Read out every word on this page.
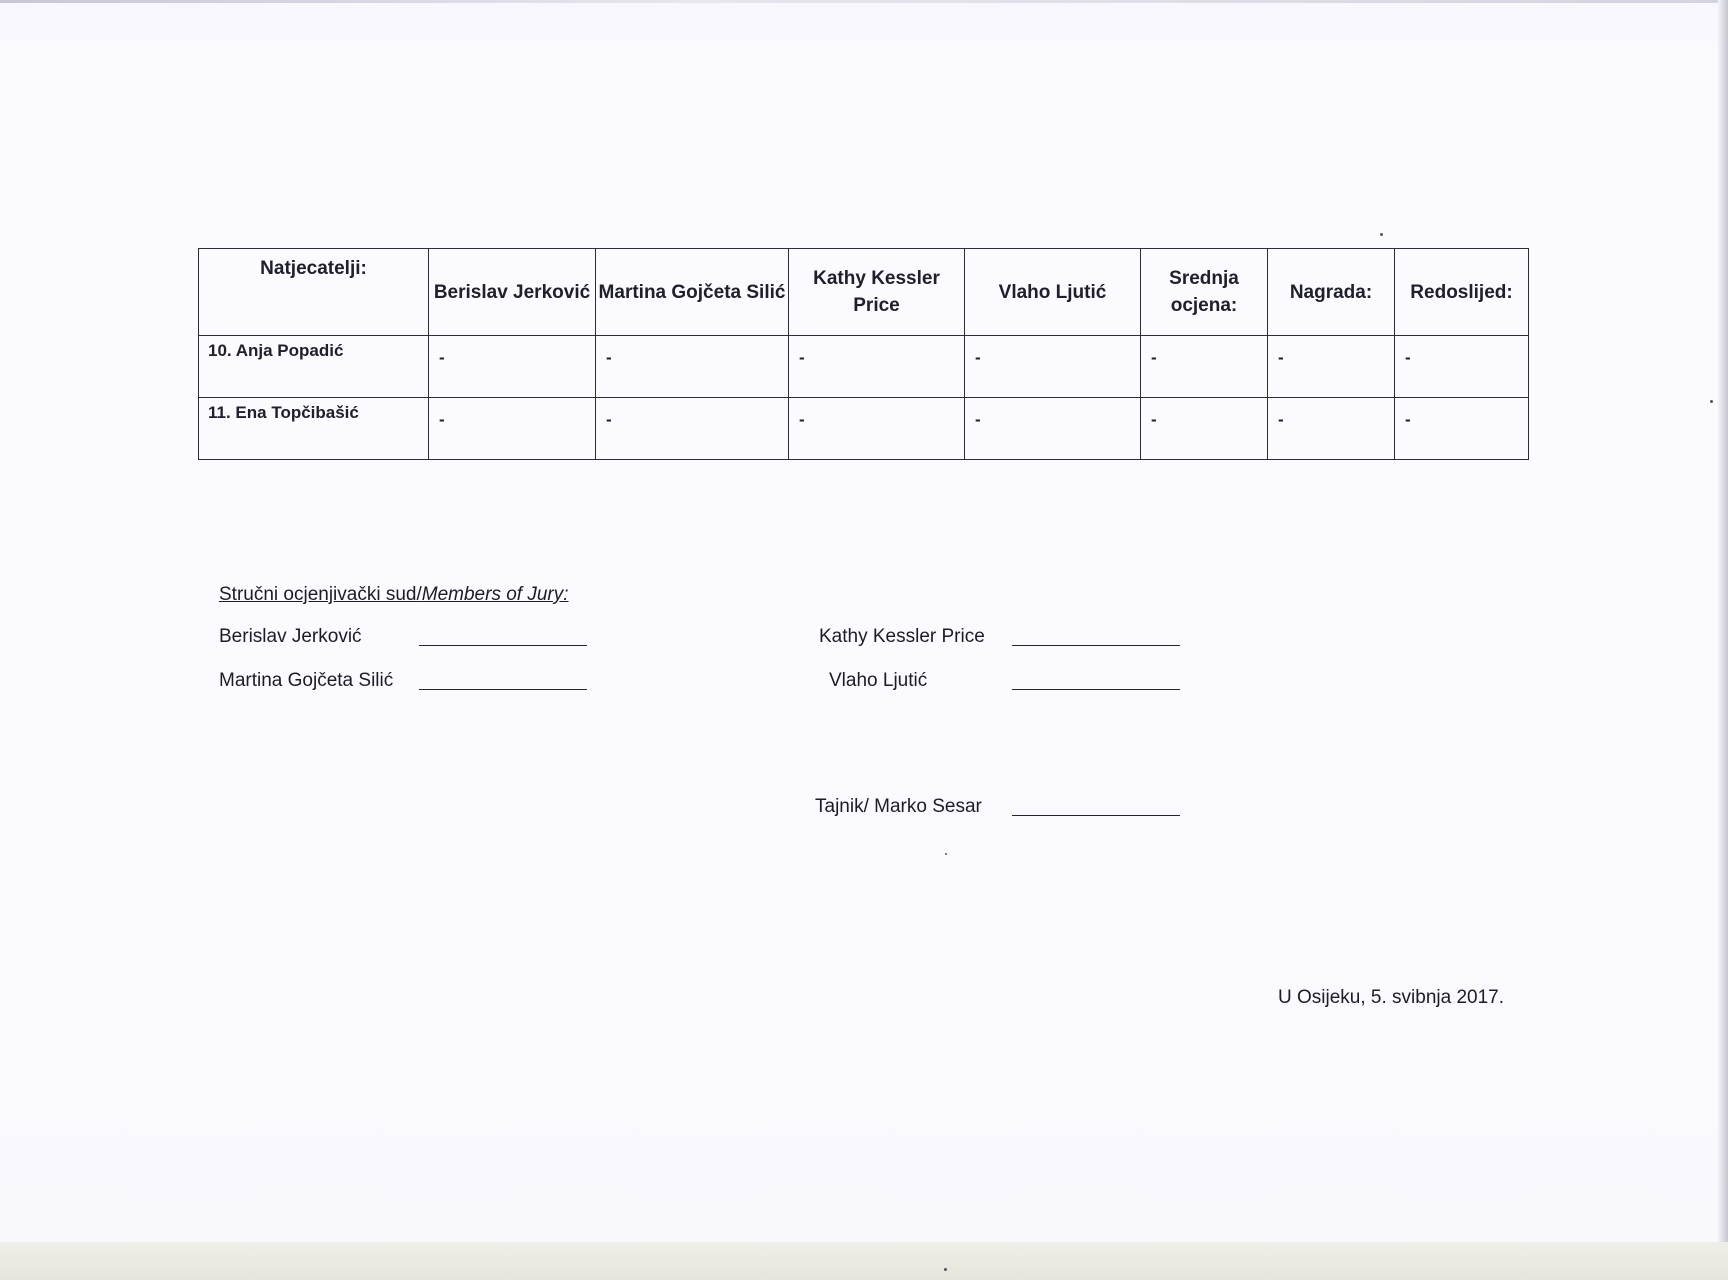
Natjecatelji:	Berislav Jerković	Martina Gojčeta Silić	Kathy Kessler Price	Vlaho Ljutić	Srednja ocjena:	Nagrada:	Redoslijed:
10. Anja Popadić	-	-	-	-	-	-	-
11. Ena Topčibašić	-	-	-	-	-	-	-
Stručni ocjenjivački sud/Members of Jury:
Berislav Jerković
Martina Gojčeta Silić
Kathy Kessler Price
Vlaho Ljutić
Tajnik/ Marko Sesar
U Osijeku, 5. svibnja 2017.
